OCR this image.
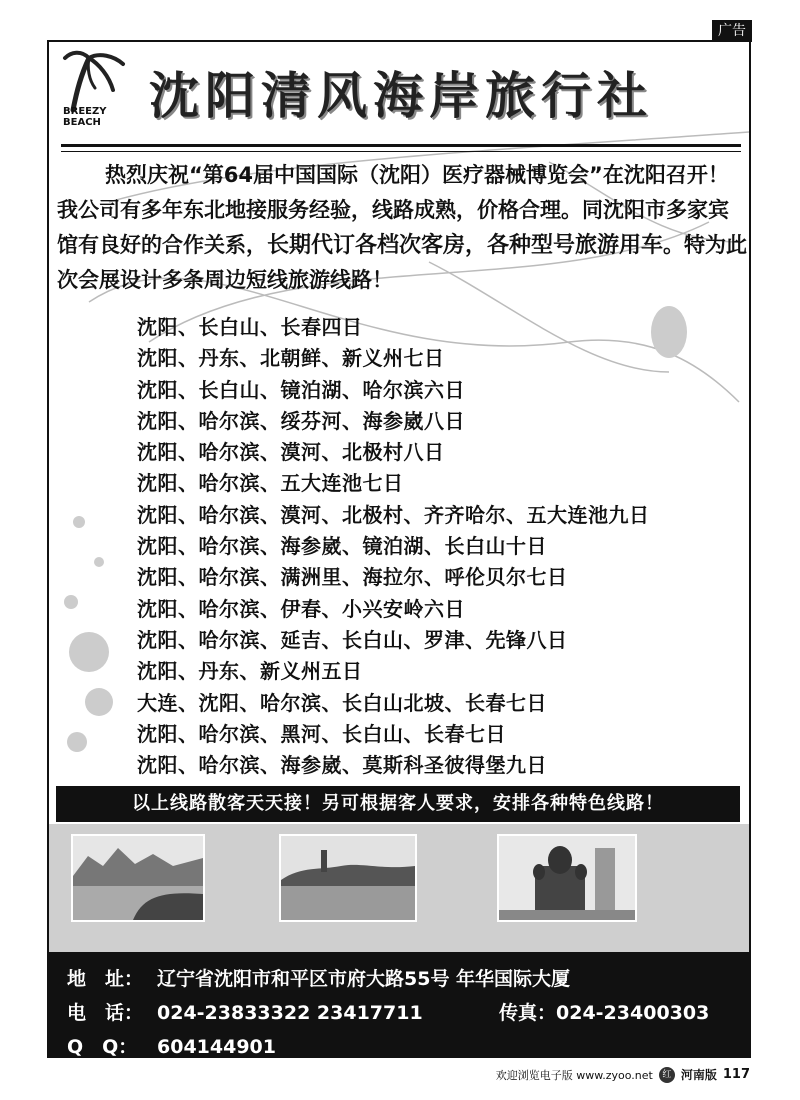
广告
BREEZY
BEACH 沈阳清风海岸旅行社
热烈庆祝“第64届中国国际（沈阳）医疗器械博览会”在沈阳召开！我公司有多年东北地接服务经验，线路成熟，价格合理。同沈阳市多家宾馆有良好的合作关系，长期代订各档次客房，各种型号旅游用车。特为此次会展设计多条周边短线旅游线路！
沈阳、长白山、长春四日
沈阳、丹东、北朝鲜、新义州七日
沈阳、长白山、镜泊湖、哈尔滨六日
沈阳、哈尔滨、绥芬河、海参崴八日
沈阳、哈尔滨、漠河、北极村八日
沈阳、哈尔滨、五大连池七日
沈阳、哈尔滨、漠河、北极村、齐齐哈尔、五大连池九日
沈阳、哈尔滨、海参崴、镜泊湖、长白山十日
沈阳、哈尔滨、满洲里、海拉尔、呼伦贝尔七日
沈阳、哈尔滨、伊春、小兴安岭六日
沈阳、哈尔滨、延吉、长白山、罗津、先锋八日
沈阳、丹东、新义州五日
大连、沈阳、哈尔滨、长白山北坡、长春七日
沈阳、哈尔滨、黑河、长白山、长春七日
沈阳、哈尔滨、海参崴、莫斯科圣彼得堡九日
以上线路散客天天接！另可根据客人要求，安排各种特色线路！
地　址： 辽宁省沈阳市和平区市府大路55号 年华国际大厦
电　话： 024-23833322 23417711	传真：024-23400303
Q　Q： 604144901
欢迎浏览电子版 www.zyoo.net	红 河南版 117
